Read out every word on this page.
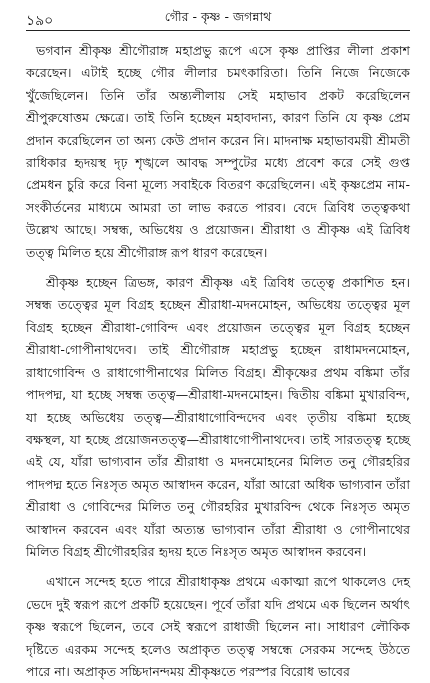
১৯০	গৌর - কৃষ্ণ - জগন্নাথ

ভগবান শ্রীকৃষ্ণ শ্রীগৌরাঙ্গ মহাপ্রভু রূপে এসে কৃষ্ণ প্রাপ্তির লীলা প্রকাশ করেছেন। এটাই হচ্ছে গৌর লীলার চমৎকারিতা। তিনি নিজে নিজেকে খুঁজেছিলেন। তিনি তাঁর অন্ত্যলীলায় সেই মহাভাব প্রকট করেছিলেন শ্রীপুরুষোত্তম ক্ষেত্রে। তাই তিনি হচ্ছেন মহাবদান্য, কারণ তিনি যে কৃষ্ণ প্রেম প্রদান করেছিলেন তা অন্য কেউ প্রদান করেন নি। মাদনাক্ষ মহাভাবময়ী শ্রীমতী রাধিকার হৃদয়স্থ দৃঢ় শৃঙ্খলে আবদ্ধ সম্পুটের মধ্যে প্রবেশ করে সেই গুপ্ত প্রেমধন চুরি করে বিনা মূল্যে সবাইকে বিতরণ করেছিলেন। এই কৃষ্ণপ্রেম নাম-সংকীর্তনের মাধ্যমে আমরা তা লাভ করতে পারব। বেদে ত্রিবিধ তত্ত্বকথা উল্লেখ আছে। সম্বন্ধ, অভিধেয় ও প্রয়োজন। শ্রীরাধা ও শ্রীকৃষ্ণ এই ত্রিবিধ তত্ত্ব মিলিত হয়ে শ্রীগৌরাঙ্গ রূপ ধারণ করেছেন।

শ্রীকৃষ্ণ হচ্ছেন ত্রিভঙ্গ, কারণ শ্রীকৃষ্ণ এই ত্রিবিধ তত্ত্বে প্রকাশিত হন। সম্বন্ধ তত্ত্বের মূল বিগ্রহ হচ্ছেন শ্রীরাধা-মদনমোহন, অভিধেয় তত্ত্বের মূল বিগ্রহ হচ্ছেন শ্রীরাধা-গোবিন্দ এবং প্রয়োজন তত্ত্বের মূল বিগ্রহ হচ্ছেন শ্রীরাধা-গোপীনাথদেব। তাই শ্রীগৌরাঙ্গ মহাপ্রভু হচ্ছেন রাধামদনমোহন, রাধাগোবিন্দ ও রাধাগোপীনাথের মিলিত বিগ্রহ। শ্রীকৃষ্ণের প্রথম বঙ্কিমা তাঁর পাদপদ্ম, যা হচ্ছে সম্বন্ধ তত্ত্ব—শ্রীরাধা-মদনমোহন। দ্বিতীয় বঙ্কিমা মুখারবিন্দ, যা হচ্ছে অভিধেয় তত্ত্ব—শ্রীরাধাগোবিন্দদেব এবং তৃতীয় বঙ্কিমা হচ্ছে বক্ষস্থল, যা হচ্ছে প্রয়োজনতত্ত্ব—শ্রীরাধাগোপীনাথদেব। তাই সারতত্ত্ব হচ্ছে এই যে, যাঁরা ভাগ্যবান তাঁর শ্রীরাধা ও মদনমোহনের মিলিত তনু গৌরহরির পাদপদ্ম হতে নিঃসৃত অমৃত আস্বাদন করেন, যাঁরা আরো অধিক ভাগ্যবান তাঁরা শ্রীরাধা ও গোবিন্দের মিলিত তনু গৌরহরির মুখারবিন্দ থেকে নিঃসৃত অমৃত আস্বাদন করবেন এবং যাঁরা অত্যন্ত ভাগ্যবান তাঁরা শ্রীরাধা ও গোপীনাথের মিলিত বিগ্রহ শ্রীগৌরহরির হৃদয় হতে নিঃসৃত অমৃত আস্বাদন করবেন।

এখানে সন্দেহ হতে পারে শ্রীরাধাকৃষ্ণ প্রথমে একাত্মা রূপে থাকলেও দেহ ভেদে দুই স্বরূপ রূপে প্রকটি হয়েছেন। পূর্বে তাঁরা যদি প্রথমে এক ছিলেন অর্থাৎ কৃষ্ণ স্বরূপে ছিলেন, তবে সেই স্বরূপে রাধাজী ছিলেন না। সাধারণ লৌকিক দৃষ্টিতে এরকম সন্দেহ হলেও অপ্রাকৃত তত্ত্ব সম্বন্ধে সেরকম সন্দেহ উঠতে পারে না। অপ্রাকৃত সচ্চিদানন্দময় শ্রীকৃষ্ণতে পরস্পর বিরোধ ভাবের
